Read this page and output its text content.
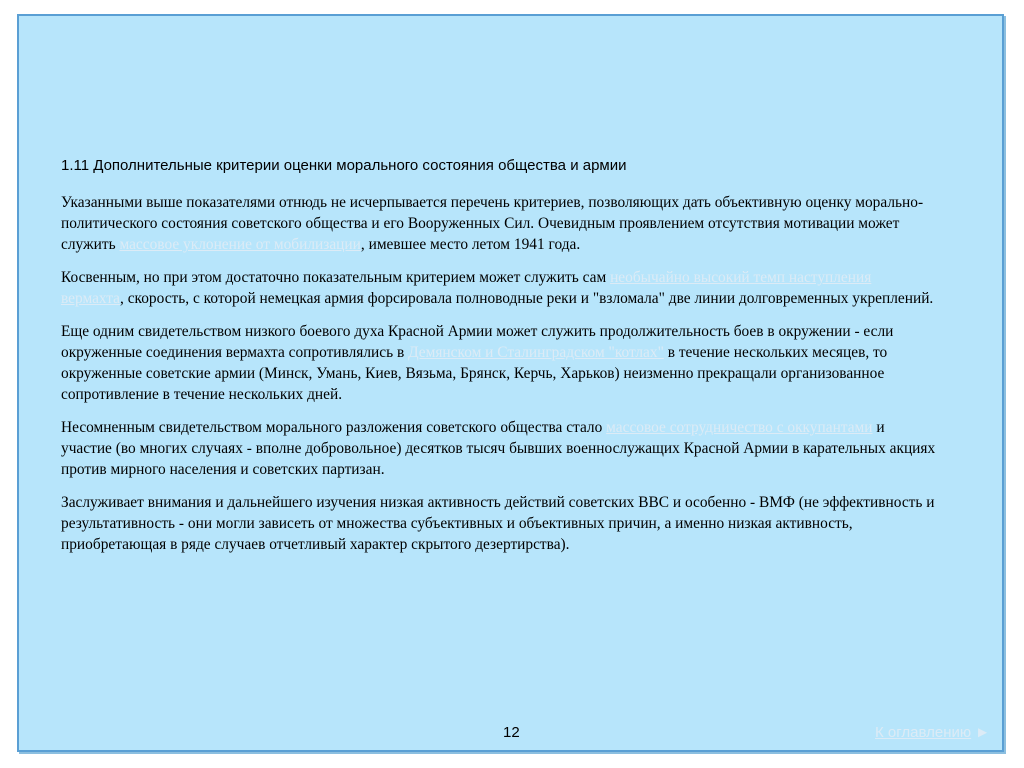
1.11 Дополнительные критерии оценки морального состояния общества и армии

Указанными выше показателями отнюдь не исчерпывается перечень критериев, позволяющих дать объективную оценку морально-политического состояния советского общества и его Вооруженных Сил. Очевидным проявлением отсутствия мотивации может служить массовое уклонение от мобилизации, имевшее место летом 1941 года.

Косвенным, но при этом достаточно показательным критерием может служить сам необычайно высокий темп наступления вермахта, скорость, с которой немецкая армия форсировала полноводные реки и "взломала" две линии долговременных укреплений.

Еще одним свидетельством низкого боевого духа Красной Армии может служить продолжительность боев в окружении - если окруженные соединения вермахта сопротивлялись в Демянском и Сталинградском "котлах" в течение нескольких месяцев, то окруженные советские армии (Минск, Умань, Киев, Вязьма, Брянск, Керчь, Харьков) неизменно прекращали организованное сопротивление в течение нескольких дней.

Несомненным свидетельством морального разложения советского общества стало массовое сотрудничество с оккупантами и участие (во многих случаях - вполне добровольное) десятков тысяч бывших военнослужащих Красной Армии в карательных акциях против мирного населения и советских партизан.

Заслуживает внимания и дальнейшего изучения низкая активность действий советских ВВС и особенно - ВМФ (не эффективность и результативность - они могли зависеть от множества субъективных и объективных причин, а именно низкая активность, приобретающая в ряде случаев отчетливый характер скрытого дезертирства).

12	К оглавлению ►
